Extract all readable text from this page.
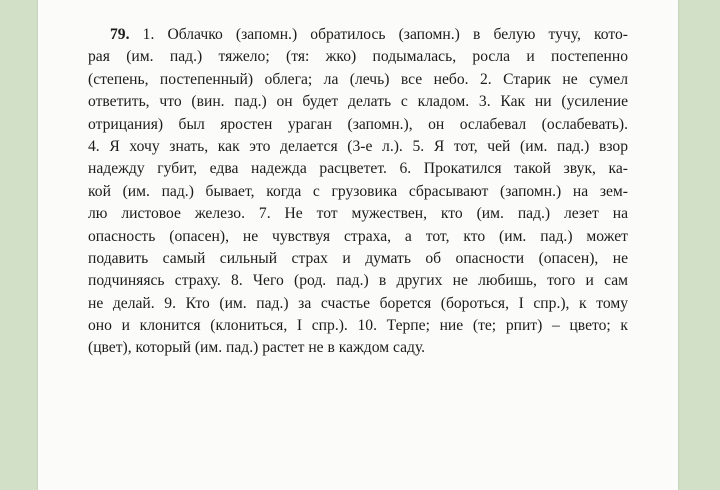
79. 1. Облачко (запомн.) обратилось (запомн.) в белую тучу, кото-
рая (им. пад.) тяжело; (тя: жко) подымалась, росла и постепенно
(степень, постепенный) облега; ла (лечь) все небо. 2. Старик не сумел
ответить, что (вин. пад.) он будет делать с кладом. 3. Как ни (усиление
отрицания) был яростен ураган (запомн.), он ослабевал (ослабевать).
4. Я хочу знать, как это делается (3-е л.). 5. Я тот, чей (им. пад.) взор
надежду губит, едва надежда расцветет. 6. Прокатился такой звук, ка-
кой (им. пад.) бывает, когда с грузовика сбрасывают (запомн.) на зем-
лю листовое железо. 7. Не тот мужествен, кто (им. пад.) лезет на
опасность (опасен), не чувствуя страха, а тот, кто (им. пад.) может
подавить самый сильный страх и думать об опасности (опасен), не
подчиняясь страху. 8. Чего (род. пад.) в других не любишь, того и сам
не делай. 9. Кто (им. пад.) за счастье борется (бороться, I спр.), к тому
оно и клонится (клониться, I спр.). 10. Терпе; ние (те; рпит) – цвето; к
(цвет), который (им. пад.) растет не в каждом саду.
